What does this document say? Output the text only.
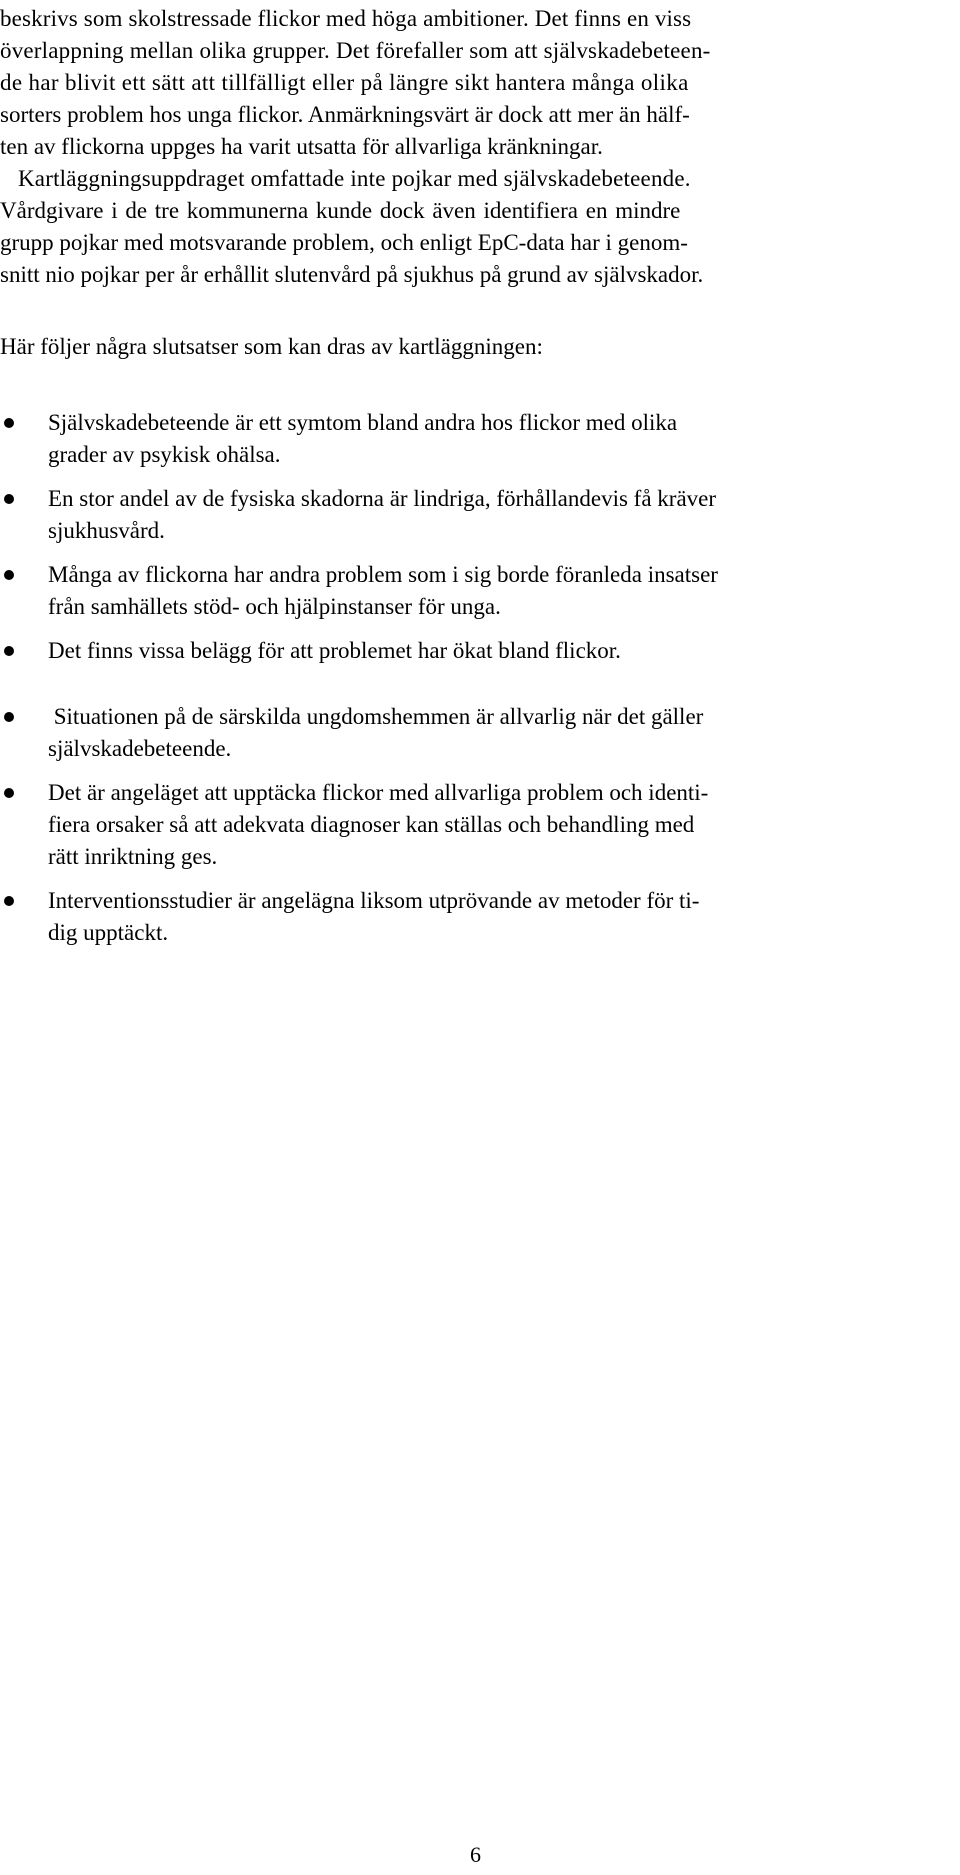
beskrivs som skolstressade flickor med höga ambitioner. Det finns en viss

överlappning mellan olika grupper. Det förefaller som att självskadebeteen-

de har blivit ett sätt att tillfälligt eller på längre sikt hantera många olika

sorters problem hos unga flickor. Anmärkningsvärt är dock att mer än hälf-

ten av flickorna uppges ha varit utsatta för allvarliga kränkningar.

Kartläggningsuppdraget omfattade inte pojkar med självskadebeteende.

Vårdgivare i de tre kommunerna kunde dock även identifiera en mindre

grupp pojkar med motsvarande problem, och enligt EpC-data har i genom-

snitt nio pojkar per år erhållit slutenvård på sjukhus på grund av självskador.

Här följer några slutsatser som kan dras av kartläggningen:

Självskadebeteende är ett symtom bland andra hos flickor med olika

grader av psykisk ohälsa.

En stor andel av de fysiska skadorna är lindriga, förhållandevis få kräver

sjukhusvård.

Många av flickorna har andra problem som i sig borde föranleda insatser

från samhällets stöd- och hjälpinstanser för unga.

Det finns vissa belägg för att problemet har ökat bland flickor.

Situationen på de särskilda ungdomshemmen är allvarlig när det gäller

självskadebeteende.

Det är angeläget att upptäcka flickor med allvarliga problem och identi-

fiera orsaker så att adekvata diagnoser kan ställas och behandling med

rätt inriktning ges.

Interventionsstudier är angelägna liksom utprövande av metoder för ti-

dig upptäckt.

6
